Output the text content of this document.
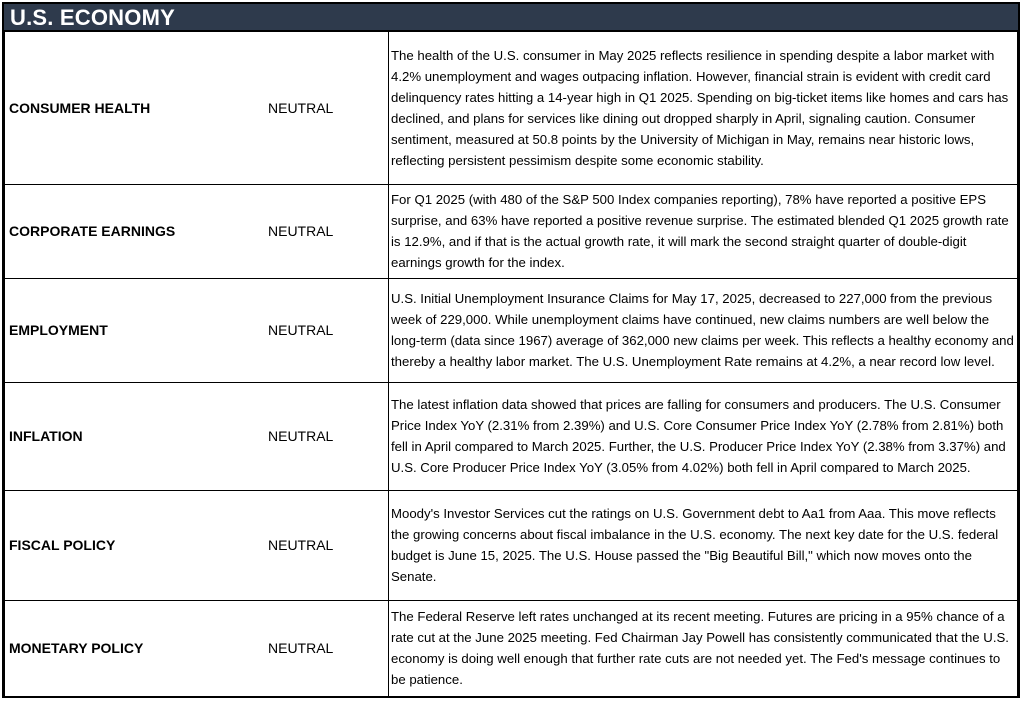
U.S. ECONOMY
CONSUMER HEALTH	NEUTRAL	The health of the U.S. consumer in May 2025 reflects resilience in spending despite a labor market with 4.2% unemployment and wages outpacing inflation. However, financial strain is evident with credit card delinquency rates hitting a 14-year high in Q1 2025. Spending on big-ticket items like homes and cars has declined, and plans for services like dining out dropped sharply in April, signaling caution. Consumer sentiment, measured at 50.8 points by the University of Michigan in May, remains near historic lows, reflecting persistent pessimism despite some economic stability.

CORPORATE EARNINGS	NEUTRAL	For Q1 2025 (with 480 of the S&P 500 Index companies reporting), 78% have reported a positive EPS surprise, and 63% have reported a positive revenue surprise. The estimated blended Q1 2025 growth rate is 12.9%, and if that is the actual growth rate, it will mark the second straight quarter of double-digit earnings growth for the index.

EMPLOYMENT	NEUTRAL	U.S. Initial Unemployment Insurance Claims for May 17, 2025, decreased to 227,000 from the previous week of 229,000. While unemployment claims have continued, new claims numbers are well below the long-term (data since 1967) average of 362,000 new claims per week. This reflects a healthy economy and thereby a healthy labor market. The U.S. Unemployment Rate remains at 4.2%, a near record low level.

INFLATION	NEUTRAL	The latest inflation data showed that prices are falling for consumers and producers. The U.S. Consumer Price Index YoY (2.31% from 2.39%) and U.S. Core Consumer Price Index YoY (2.78% from 2.81%) both fell in April compared to March 2025. Further, the U.S. Producer Price Index YoY (2.38% from 3.37%) and U.S. Core Producer Price Index YoY (3.05% from 4.02%) both fell in April compared to March 2025.

FISCAL POLICY	NEUTRAL	Moody's Investor Services cut the ratings on U.S. Government debt to Aa1 from Aaa. This move reflects the growing concerns about fiscal imbalance in the U.S. economy. The next key date for the U.S. federal budget is June 15, 2025. The U.S. House passed the "Big Beautiful Bill," which now moves onto the Senate.

MONETARY POLICY	NEUTRAL	The Federal Reserve left rates unchanged at its recent meeting. Futures are pricing in a 95% chance of a rate cut at the June 2025 meeting. Fed Chairman Jay Powell has consistently communicated that the U.S. economy is doing well enough that further rate cuts are not needed yet. The Fed's message continues to be patience.
